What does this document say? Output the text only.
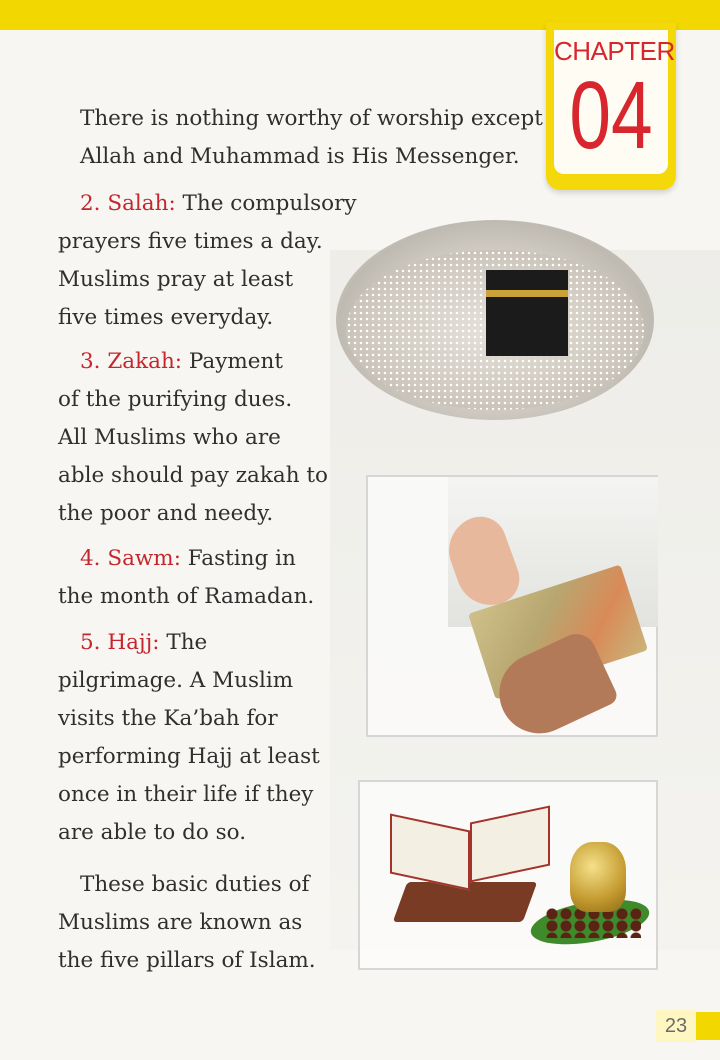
CHAPTER
04
There is nothing worthy of worship except
Allah and Muhammad is His Messenger.
2. Salah: The compulsory
prayers five times a day.
Muslims pray at least
five times everyday.
3. Zakah: Payment
of the purifying dues.
All Muslims who are
able should pay zakah to
the poor and needy.
4. Sawm: Fasting in
the month of Ramadan.
5. Hajj: The
pilgrimage. A Muslim
visits the Ka’bah for
performing Hajj at least
once in their life if they
are able to do so.
These basic duties of
Muslims are known as
the five pillars of Islam.
23
